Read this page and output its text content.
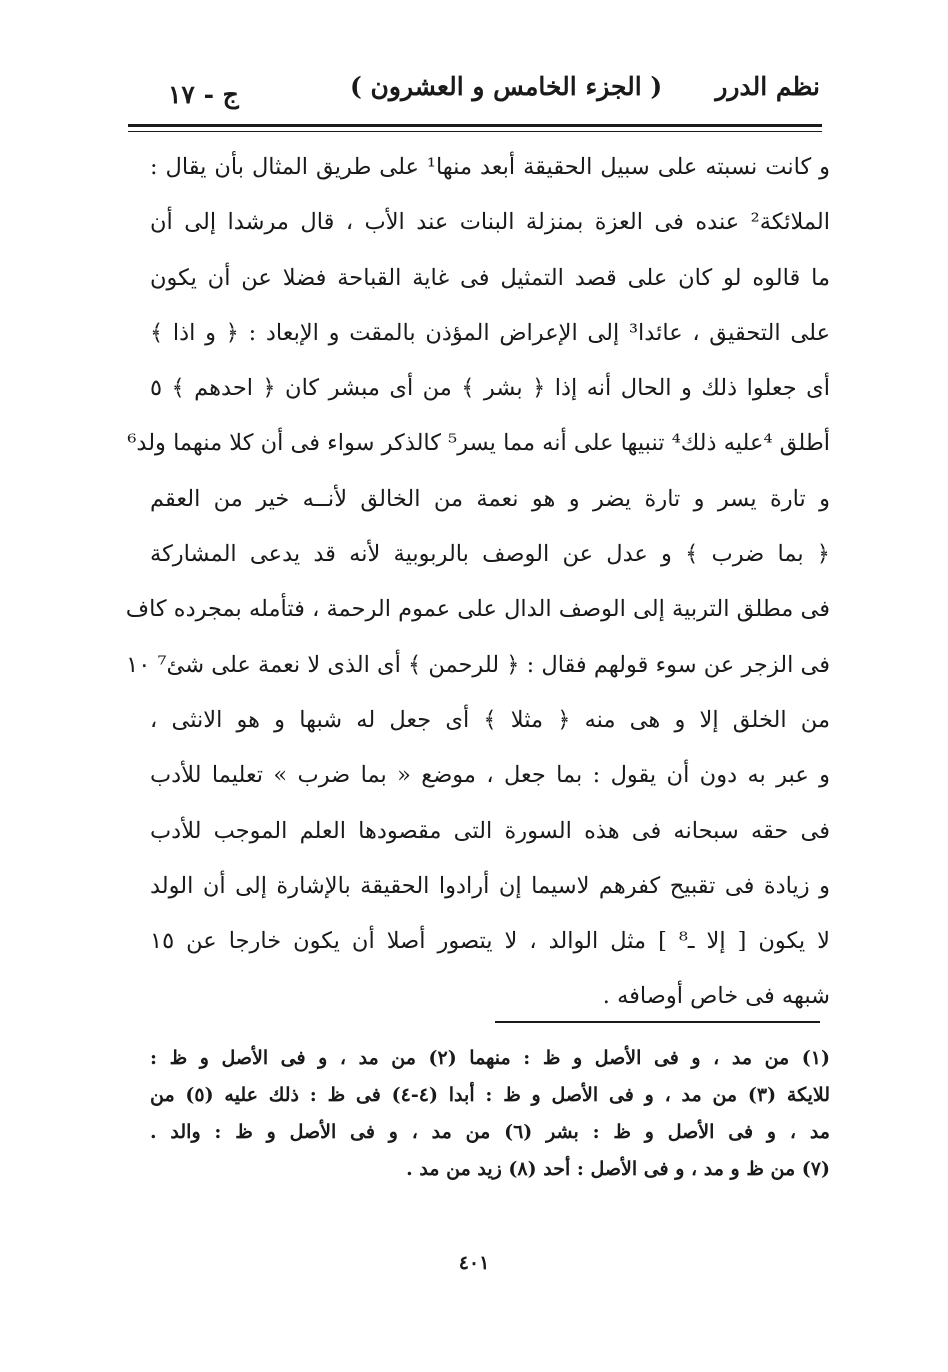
نظم الدرر
( الجزء الخامس و العشرون )
ج - ١٧
و كانت نسبته على سبيل الحقيقة أبعد منها¹ على طريق المثال بأن يقال :
الملائكة² عنده فى العزة بمنزلة البنات عند الأب ، قال مرشدا إلى أن
ما قالوه لو كان على قصد التمثيل فى غاية القباحة فضلا عن أن يكون
على التحقيق ، عائدا³ إلى الإعراض المؤذن بالمقت و الإبعاد : ﴿ و اذا ﴾
أى جعلوا ذلك و الحال أنه إذا ﴿ بشر ﴾ من أى مبشر كان ﴿ احدهم ﴾ ٥
أطلق ⁴عليه ذلك⁴ تنبيها على أنه مما يسر⁵ كالذكر سواء فى أن كلا منهما ولد⁶
و تارة يسر و تارة يضر و هو نعمة من الخالق لأنــه خير من العقم
﴿ بما ضرب ﴾ و عدل عن الوصف بالربوبية لأنه قد يدعى المشاركة
فى مطلق التربية إلى الوصف الدال على عموم الرحمة ، فتأمله بمجرده كاف
فى الزجر عن سوء قولهم فقال : ﴿ للرحمن ﴾ أى الذى لا نعمة على شئ⁷ ١٠
من الخلق إلا و هى منه ﴿ مثلا ﴾ أى جعل له شبها و هو الانثى ،
و عبر به دون أن يقول : بما جعل ، موضع « بما ضرب » تعليما للأدب
فى حقه سبحانه فى هذه السورة التى مقصودها العلم الموجب للأدب
و زيادة فى تقبيح كفرهم لاسيما إن أرادوا الحقيقة بالإشارة إلى أن الولد
لا يكون [ إلا ـ⁸ ] مثل الوالد ، لا يتصور أصلا أن يكون خارجا عن ١٥
شبهه فى خاص أوصافه .
(١) من مد ، و فى الأصل و ظ : منهما (٢) من مد ، و فى الأصل و ظ :
للايكة (٣) من مد ، و فى الأصل و ظ : أبدا (٤-٤) فى ظ : ذلك عليه (٥) من
مد ، و فى الأصل و ظ : بشر (٦) من مد ، و فى الأصل و ظ : والد .
(٧) من ظ و مد ، و فى الأصل : أحد (٨) زيد من مد .
٤٠١
